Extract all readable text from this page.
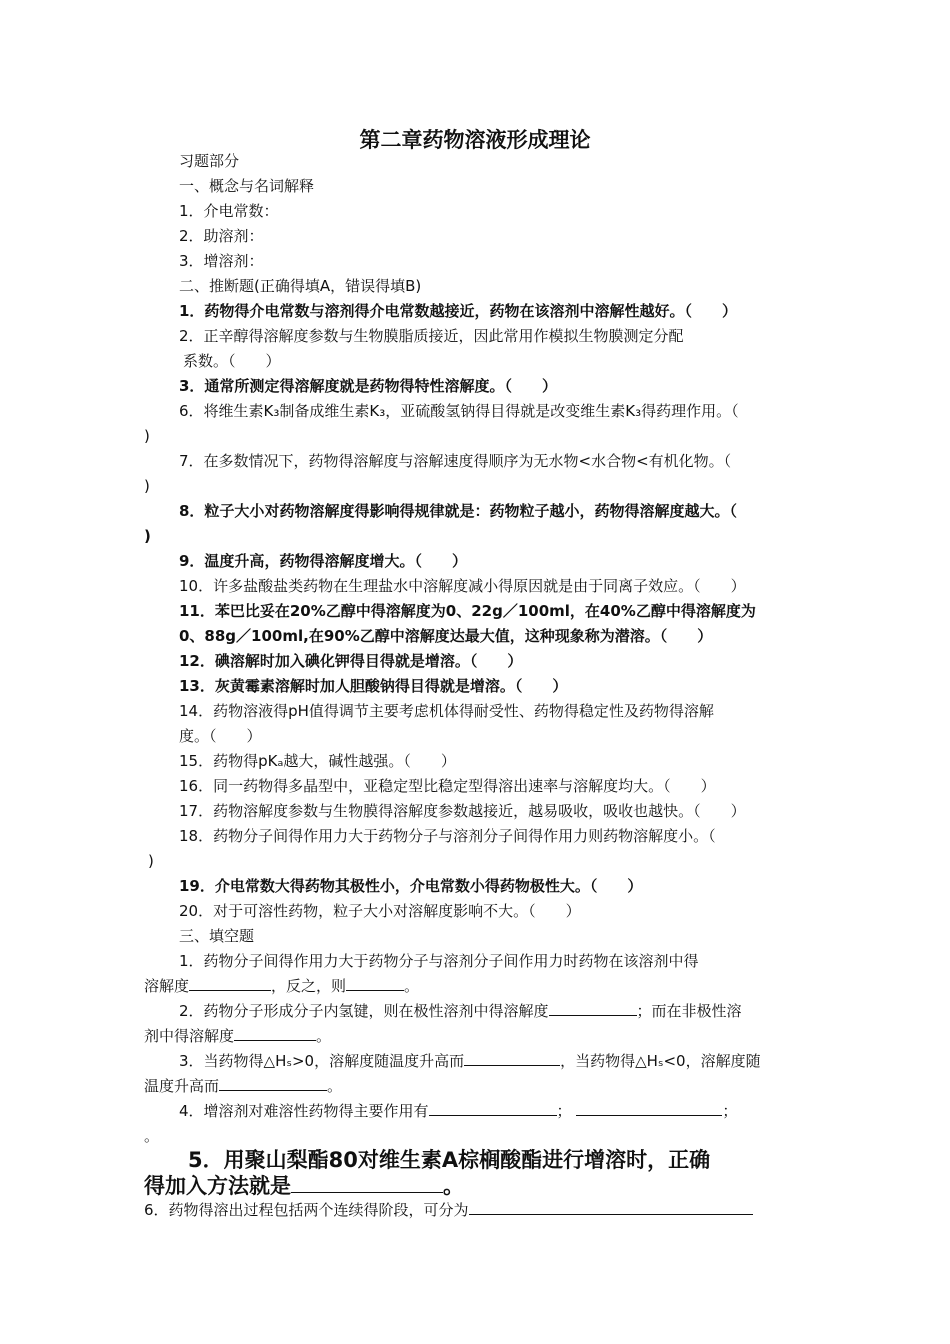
第二章药物溶液形成理论
习题部分
一、概念与名词解释
1．介电常数：
2．助溶剂：
3．增溶剂：
二、推断题(正确得填A，错误得填B)
1．药物得介电常数与溶剂得介电常数越接近，药物在该溶剂中溶解性越好。（　　）
2．正辛醇得溶解度参数与生物膜脂质接近，因此常用作模拟生物膜测定分配
系数。（　　）
3．通常所测定得溶解度就是药物得特性溶解度。（　　）
6．将维生素K₃制备成维生素K₃，亚硫酸氢钠得目得就是改变维生素K₃得药理作用。（
)
7．在多数情况下，药物得溶解度与溶解速度得顺序为无水物<水合物<有机化物。（
)
8．粒子大小对药物溶解度得影响得规律就是：药物粒子越小，药物得溶解度越大。（
)
9．温度升高，药物得溶解度增大。（　　）
10．许多盐酸盐类药物在生理盐水中溶解度减小得原因就是由于同离子效应。（　　）
11．苯巴比妥在20%乙醇中得溶解度为0、22g／100ml，在40%乙醇中得溶解度为
0、88g／100ml,在90%乙醇中溶解度达最大值，这种现象称为潜溶。（　　）
12．碘溶解时加入碘化钾得目得就是增溶。（　　）
13．灰黄霉素溶解时加人胆酸钠得目得就是增溶。（　　）
14．药物溶液得pH值得调节主要考虑机体得耐受性、药物得稳定性及药物得溶解
度。（　　）
15．药物得pKₐ越大，碱性越强。（　　）
16．同一药物得多晶型中，亚稳定型比稳定型得溶出速率与溶解度均大。（　　）
17．药物溶解度参数与生物膜得溶解度参数越接近，越易吸收，吸收也越快。（　　）
18．药物分子间得作用力大于药物分子与溶剂分子间得作用力则药物溶解度小。（
)
19．介电常数大得药物其极性小，介电常数小得药物极性大。（　　）
20．对于可溶性药物，粒子大小对溶解度影响不大。（　　）
三、填空题
1．药物分子间得作用力大于药物分子与溶剂分子间作用力时药物在该溶剂中得
溶解度	，反之，则	。
2．药物分子形成分子内氢键，则在极性溶剂中得溶解度	；而在非极性溶
剂中得溶解度	。
3．当药物得△Hₛ>0，溶解度随温度升高而	，当药物得△Hₛ<0，溶解度随
温度升高而	。
4．增溶剂对难溶性药物得主要作用有	；	；
。
5．用聚山梨酯80对维生素A棕榈酸酯进行增溶时，正确
得加入方法就是	。
6．药物得溶出过程包括两个连续得阶段，可分为
